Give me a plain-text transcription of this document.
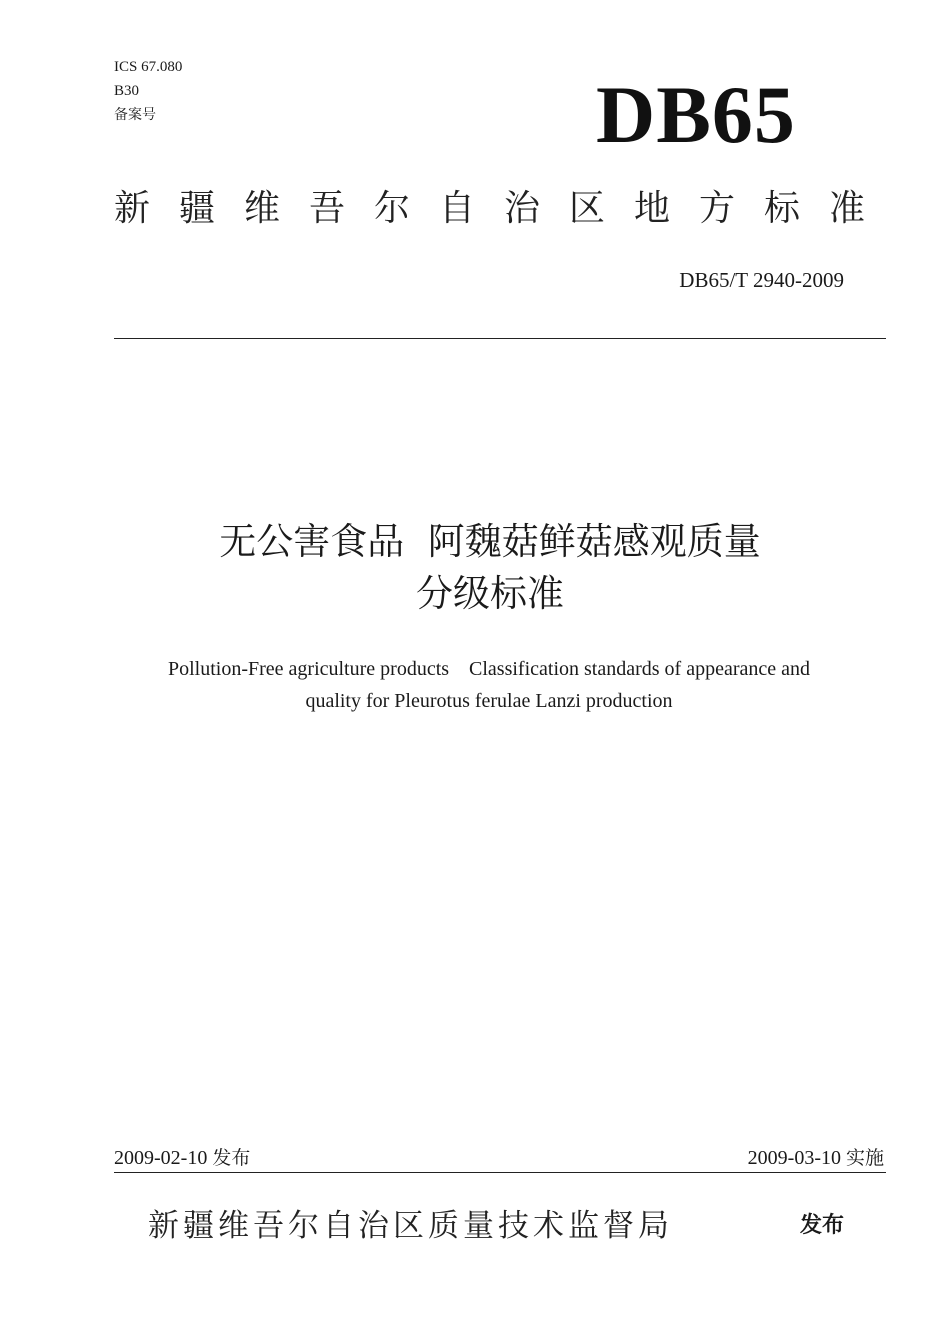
ICS 67.080
B30
备案号	DB65
新疆维吾尔自治区地方标准
DB65/T 2940-2009
无公害食品  阿魏菇鲜菇感观质量
分级标准
Pollution-Free agriculture products    Classification standards of appearance and
quality for Pleurotus ferulae Lanzi production
2009-02-10 发布	2009-03-10 实施
新疆维吾尔自治区质量技术监督局	发布
